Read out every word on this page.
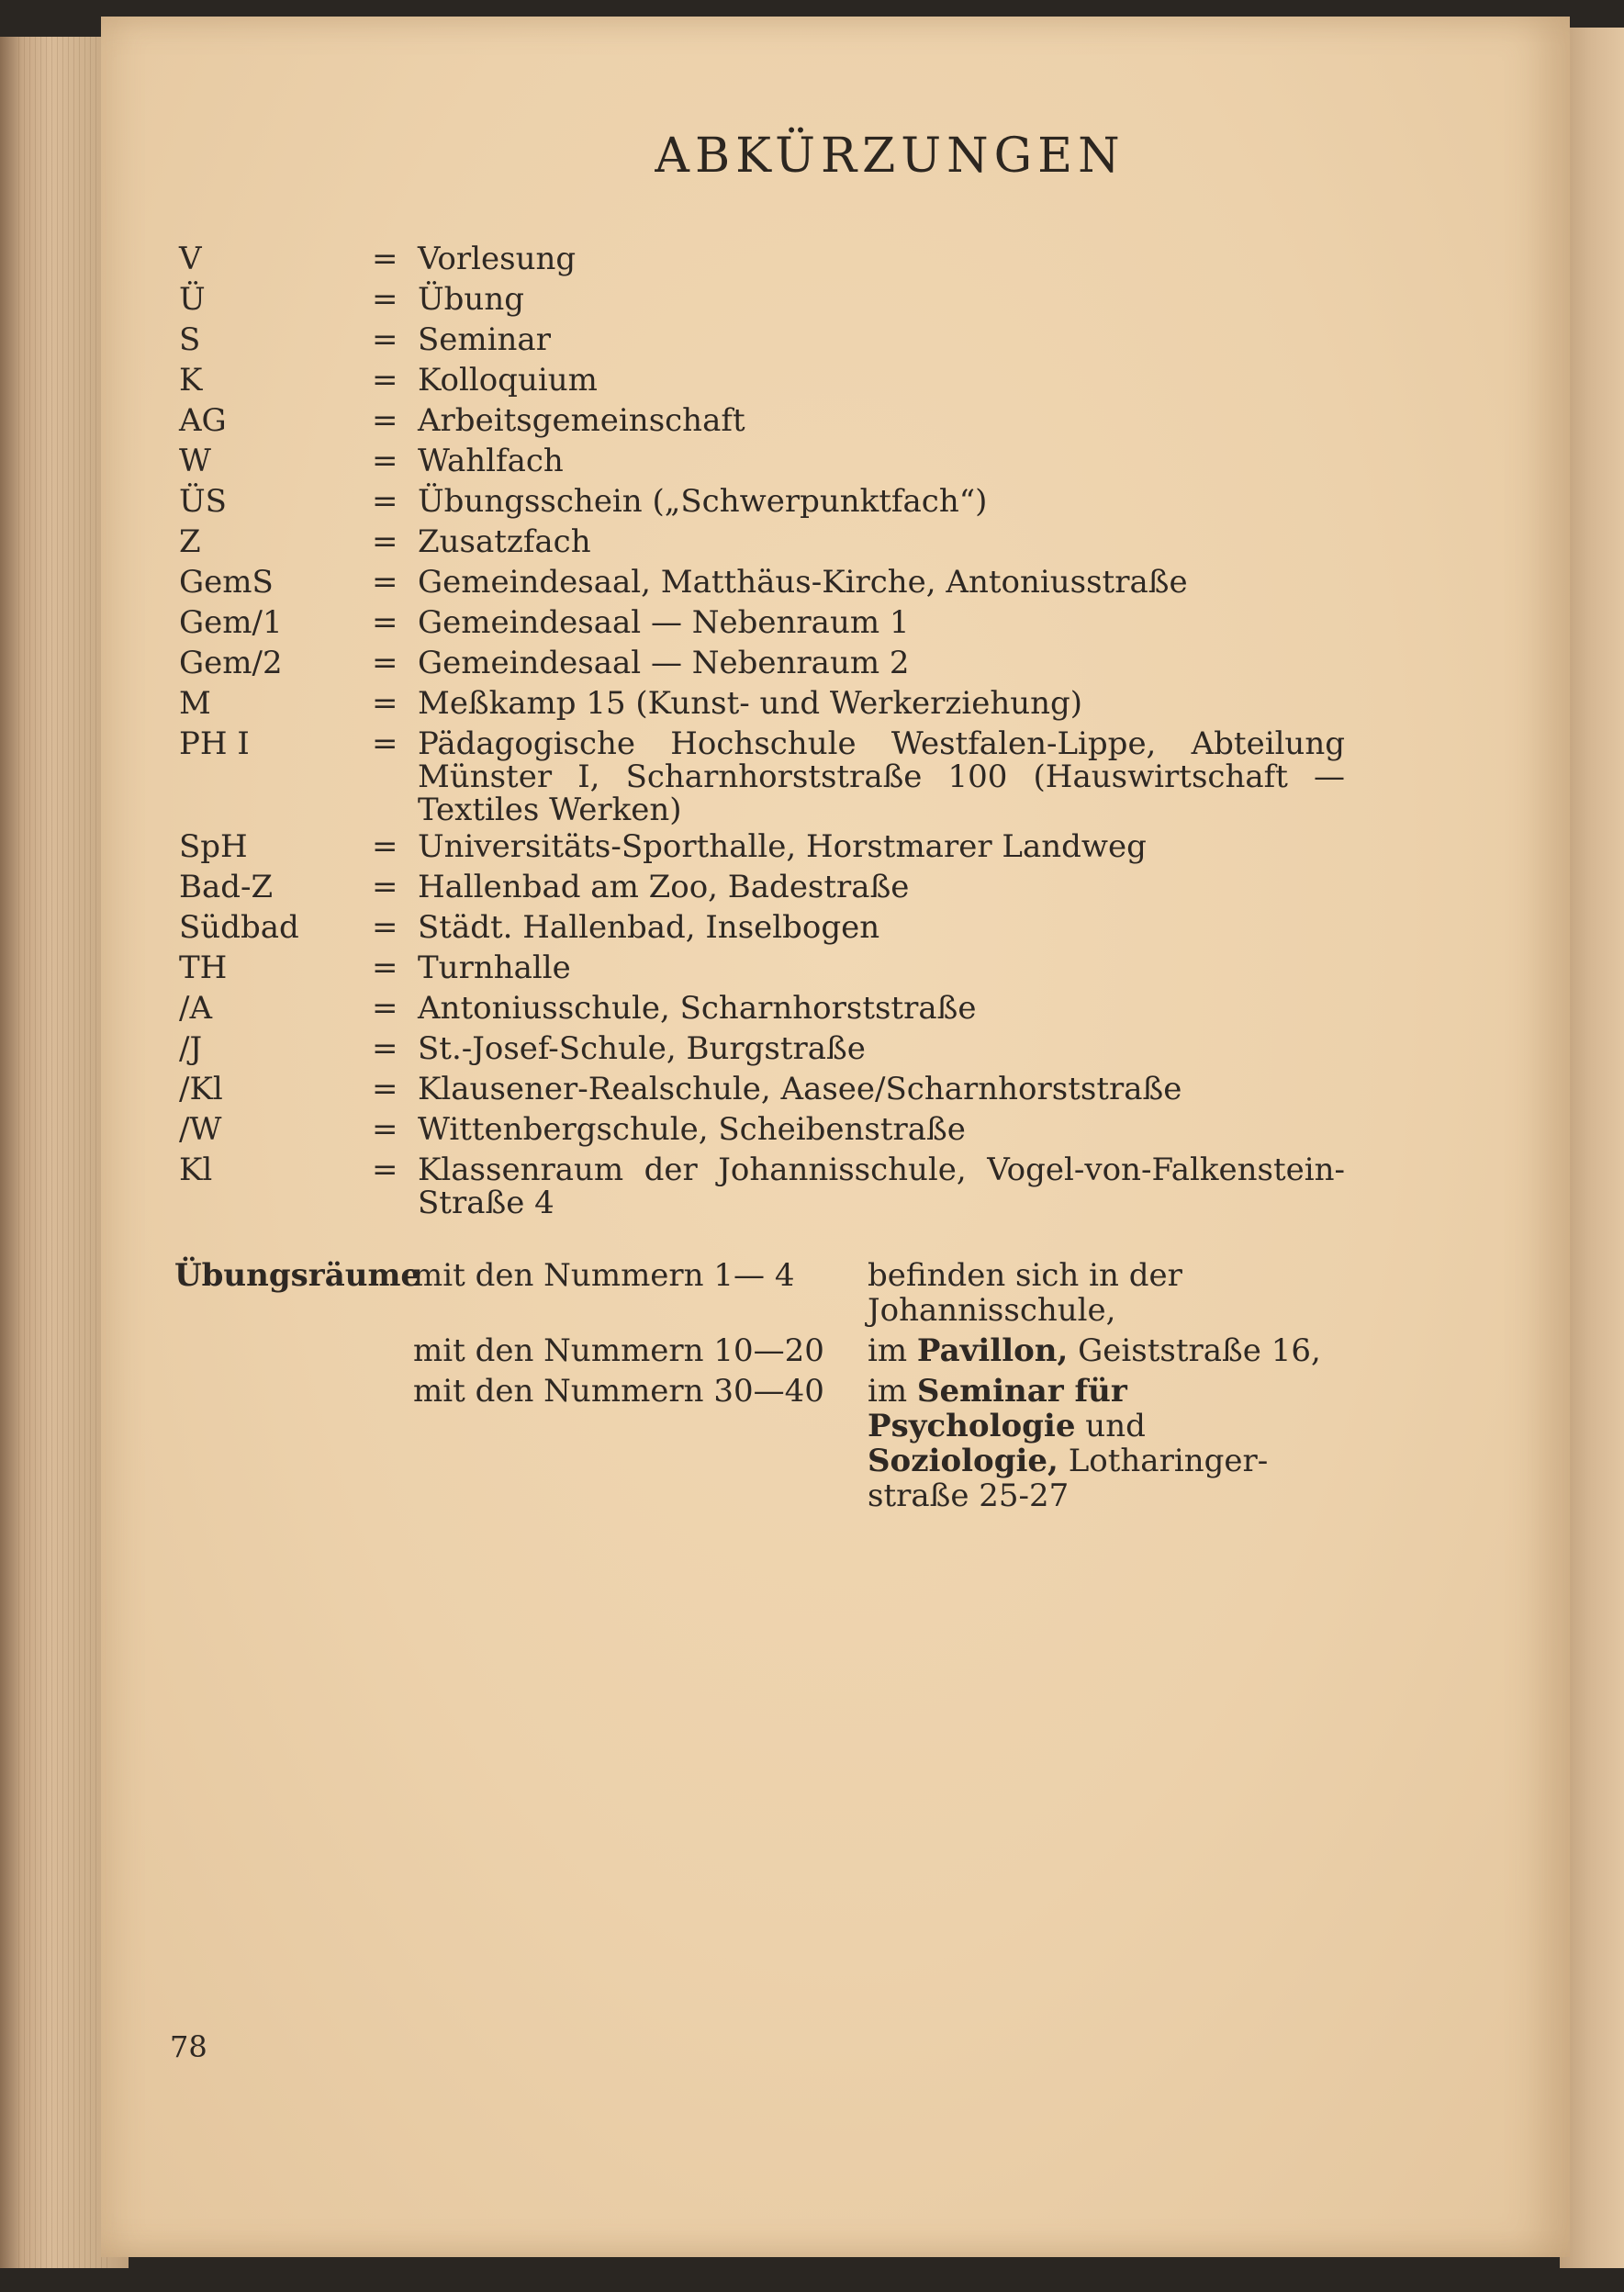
ABKÜRZUNGEN
V	= Vorlesung
Ü	= Übung
S	= Seminar
K	= Kolloquium
AG	= Arbeitsgemeinschaft
W	= Wahlfach
ÜS	= Übungsschein („Schwerpunktfach“)
Z	= Zusatzfach
GemS	= Gemeindesaal, Matthäus-Kirche, Antoniusstraße
Gem/1	= Gemeindesaal — Nebenraum 1
Gem/2	= Gemeindesaal — Nebenraum 2
M	= Meßkamp 15 (Kunst- und Werkerziehung)
PH I	= Pädagogische Hochschule Westfalen-Lippe, Abteilung Münster I, Scharnhorststraße 100 (Hauswirtschaft — Textiles Werken)
SpH	= Universitäts-Sporthalle, Horstmarer Landweg
Bad-Z	= Hallenbad am Zoo, Badestraße
Südbad	= Städt. Hallenbad, Inselbogen
TH	= Turnhalle
/A	= Antoniusschule, Scharnhorststraße
/J	= St.-Josef-Schule, Burgstraße
/Kl	= Klausener-Realschule, Aasee/Scharnhorststraße
/W	= Wittenbergschule, Scheibenstraße
Kl	= Klassenraum der Johannisschule, Vogel-von-Falkenstein-Straße 4
Übungsräume
mit den Nummern 1— 4	befinden sich in der Johannisschule,
mit den Nummern 10—20	im Pavillon, Geiststraße 16,
mit den Nummern 30—40	im Seminar für Psychologie und Soziologie, Lotharinger-straße 25-27
78
